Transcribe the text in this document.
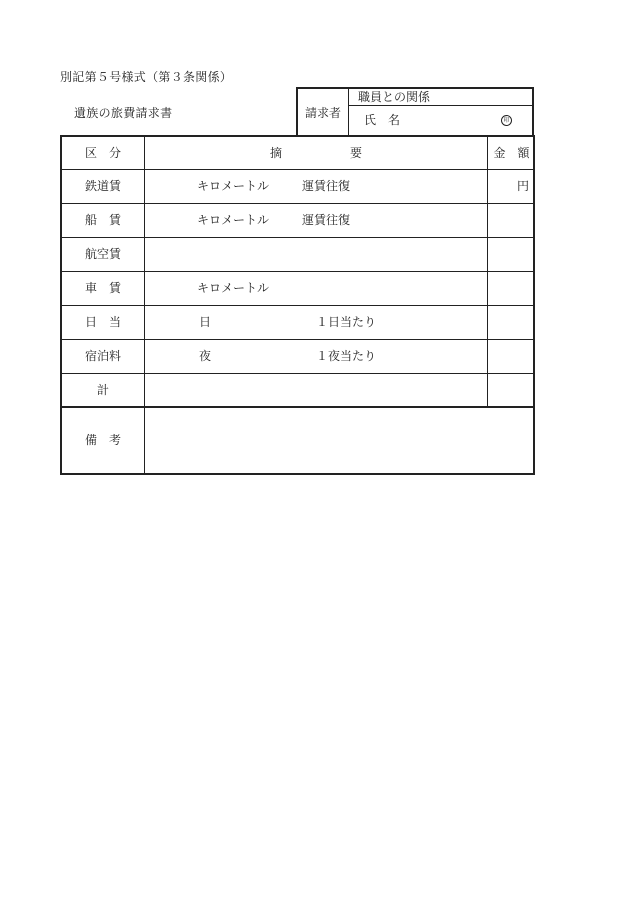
別記第５号様式（第３条関係）
遺族の旅費請求書	請求者
職員との関係
氏　名	印
区　分	摘	要	金　額
鉄道賃	キロメートル	運賃往復	円
船　賃	キロメートル	運賃往復
航空賃
車　賃	キロメートル
日　当	日	１日当たり
宿泊料	夜	１夜当たり
計
備　考
